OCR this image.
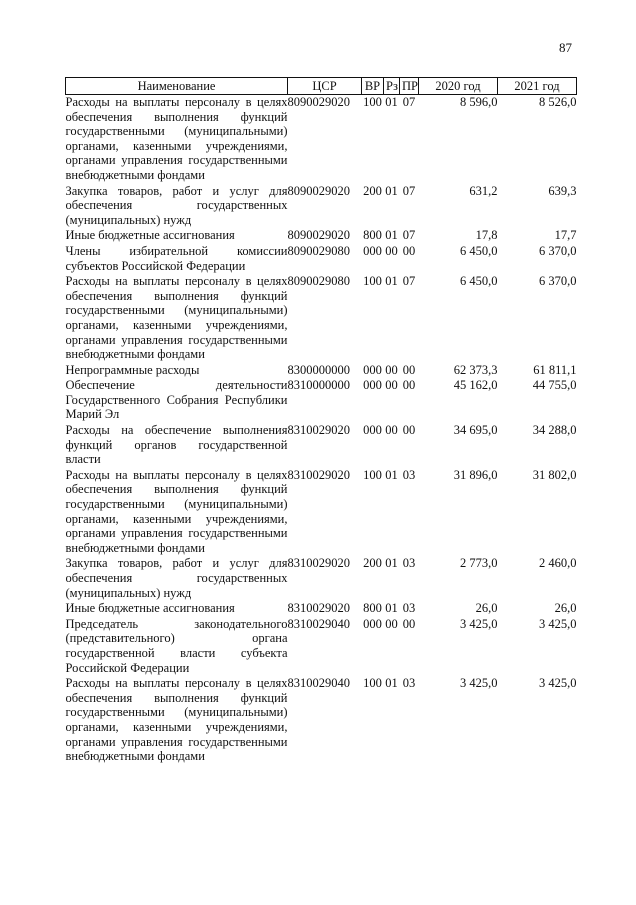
87
Наименование	ЦСР	ВР	Рз	ПР	2020 год	2021 год
Расходы на выплаты персоналу в целях обеспечения выполнения функций государственными (муниципальными) органами, казенными учреждениями, органами управления государственными внебюджетными фондами	8090029020	100	01	07	8 596,0	8 526,0
Закупка товаров, работ и услуг для обеспечения государственных (муниципальных) нужд	8090029020	200	01	07	631,2	639,3
Иные бюджетные ассигнования	8090029020	800	01	07	17,8	17,7
Члены избирательной комиссии субъектов Российской Федерации	8090029080	000	00	00	6 450,0	6 370,0
Расходы на выплаты персоналу в целях обеспечения выполнения функций государственными (муниципальными) органами, казенными учреждениями, органами управления государственными внебюджетными фондами	8090029080	100	01	07	6 450,0	6 370,0
Непрограммные расходы	8300000000	000	00	00	62 373,3	61 811,1
Обеспечение деятельности Государственного Собрания Республики Марий Эл	8310000000	000	00	00	45 162,0	44 755,0
Расходы на обеспечение выполнения функций органов государственной власти	8310029020	000	00	00	34 695,0	34 288,0
Расходы на выплаты персоналу в целях обеспечения выполнения функций государственными (муниципальными) органами, казенными учреждениями, органами управления государственными внебюджетными фондами	8310029020	100	01	03	31 896,0	31 802,0
Закупка товаров, работ и услуг для обеспечения государственных (муниципальных) нужд	8310029020	200	01	03	2 773,0	2 460,0
Иные бюджетные ассигнования	8310029020	800	01	03	26,0	26,0
Председатель законодательного (представительного) органа государственной власти субъекта Российской Федерации	8310029040	000	00	00	3 425,0	3 425,0
Расходы на выплаты персоналу в целях обеспечения выполнения функций государственными (муниципальными) органами, казенными учреждениями, органами управления государственными внебюджетными фондами	8310029040	100	01	03	3 425,0	3 425,0
